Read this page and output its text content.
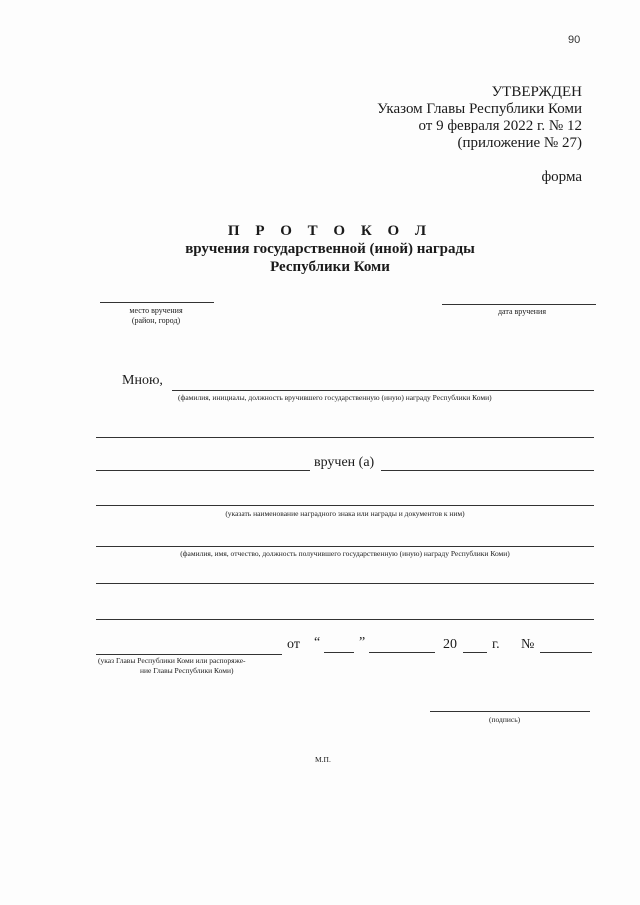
90
УТВЕРЖДЕН
Указом Главы Республики Коми
от 9 февраля 2022 г. № 12
(приложение № 27)
форма
П Р О Т О К О Л
вручения государственной (иной) награды
Республики Коми
место вручения
(район, город)
дата вручения
Мною,
(фамилия, инициалы, должность вручившего государственную (иную) награду Республики Коми)
вручен (а)
(указать наименование наградного знака или награды и документов к ним)
(фамилия, имя, отчество, должность получившего государственную (иную) награду Республики Коми)
от “	”	20	г. №
(указ Главы Республики Коми или распоряже-
ние Главы Республики Коми)
(подпись)
М.П.
